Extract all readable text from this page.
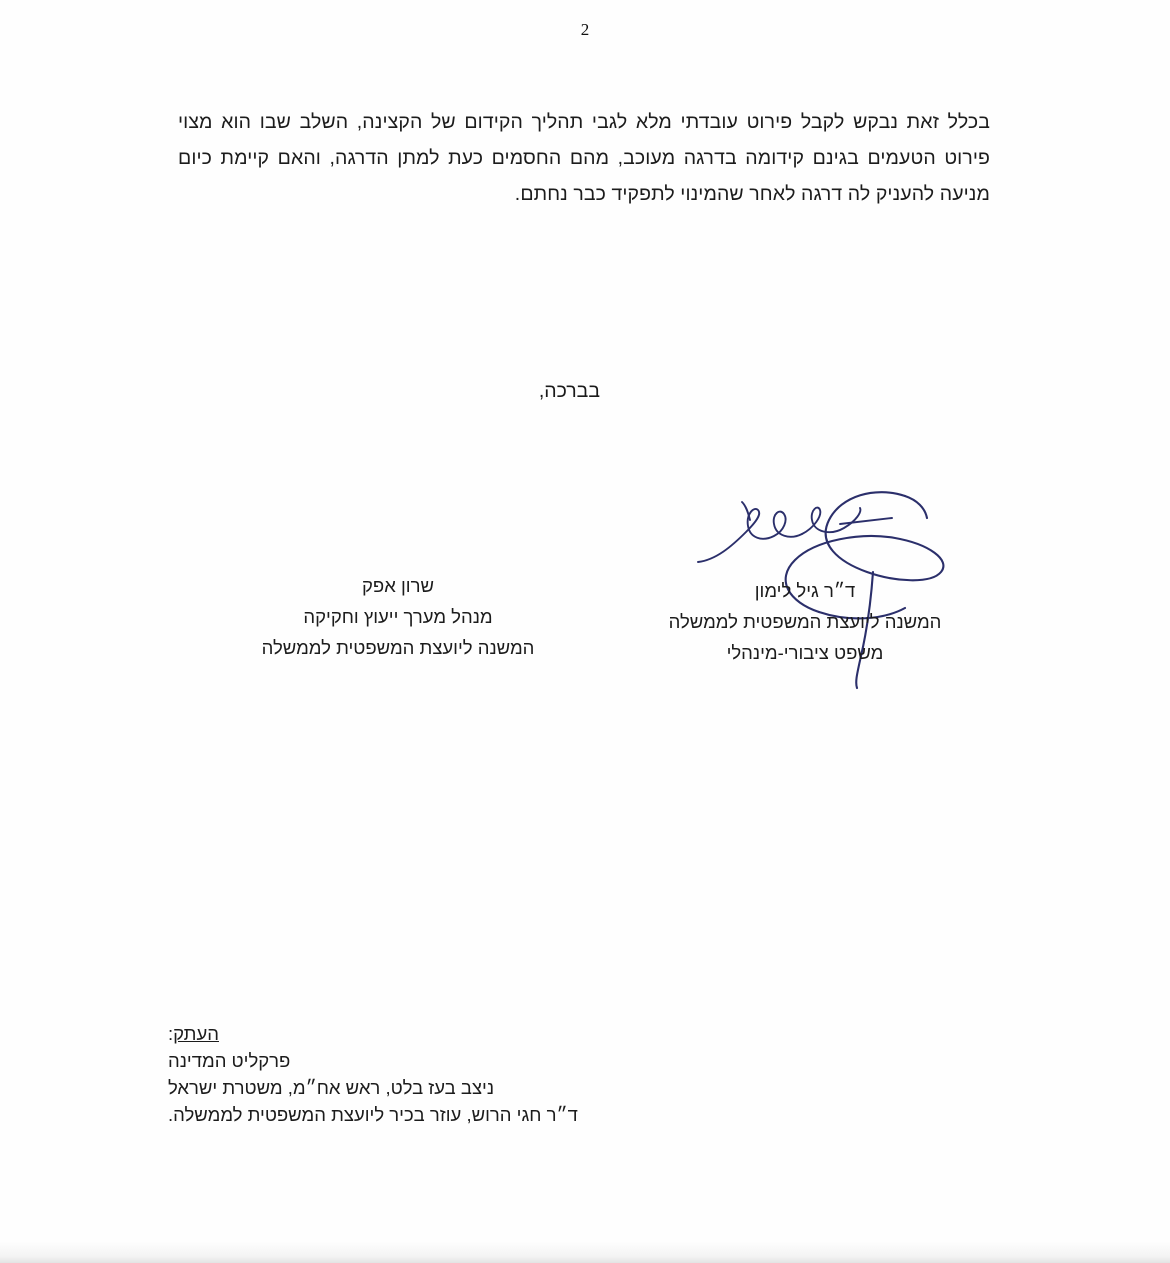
2

בכלל זאת נבקש לקבל פירוט עובדתי מלא לגבי תהליך הקידום של הקצינה, השלב שבו הוא מצוי פירוט הטעמים בגינם קידומה בדרגה מעוכב, מהם החסמים כעת למתן הדרגה, והאם קיימת כיום מניעה להעניק לה דרגה לאחר שהמינוי לתפקיד כבר נחתם.

בברכה,
ד״ר גיל לימון
המשנה ליועצת המשפטית לממשלה
משפט ציבורי-מינהלי
שרון אפק
מנהל מערך ייעוץ וחקיקה
המשנה ליועצת המשפטית לממשלה
העתק:
פרקליט המדינה
ניצב בעז בלט, ראש אח״מ, משטרת ישראל
ד״ר חגי הרוש, עוזר בכיר ליועצת המשפטית לממשלה.
